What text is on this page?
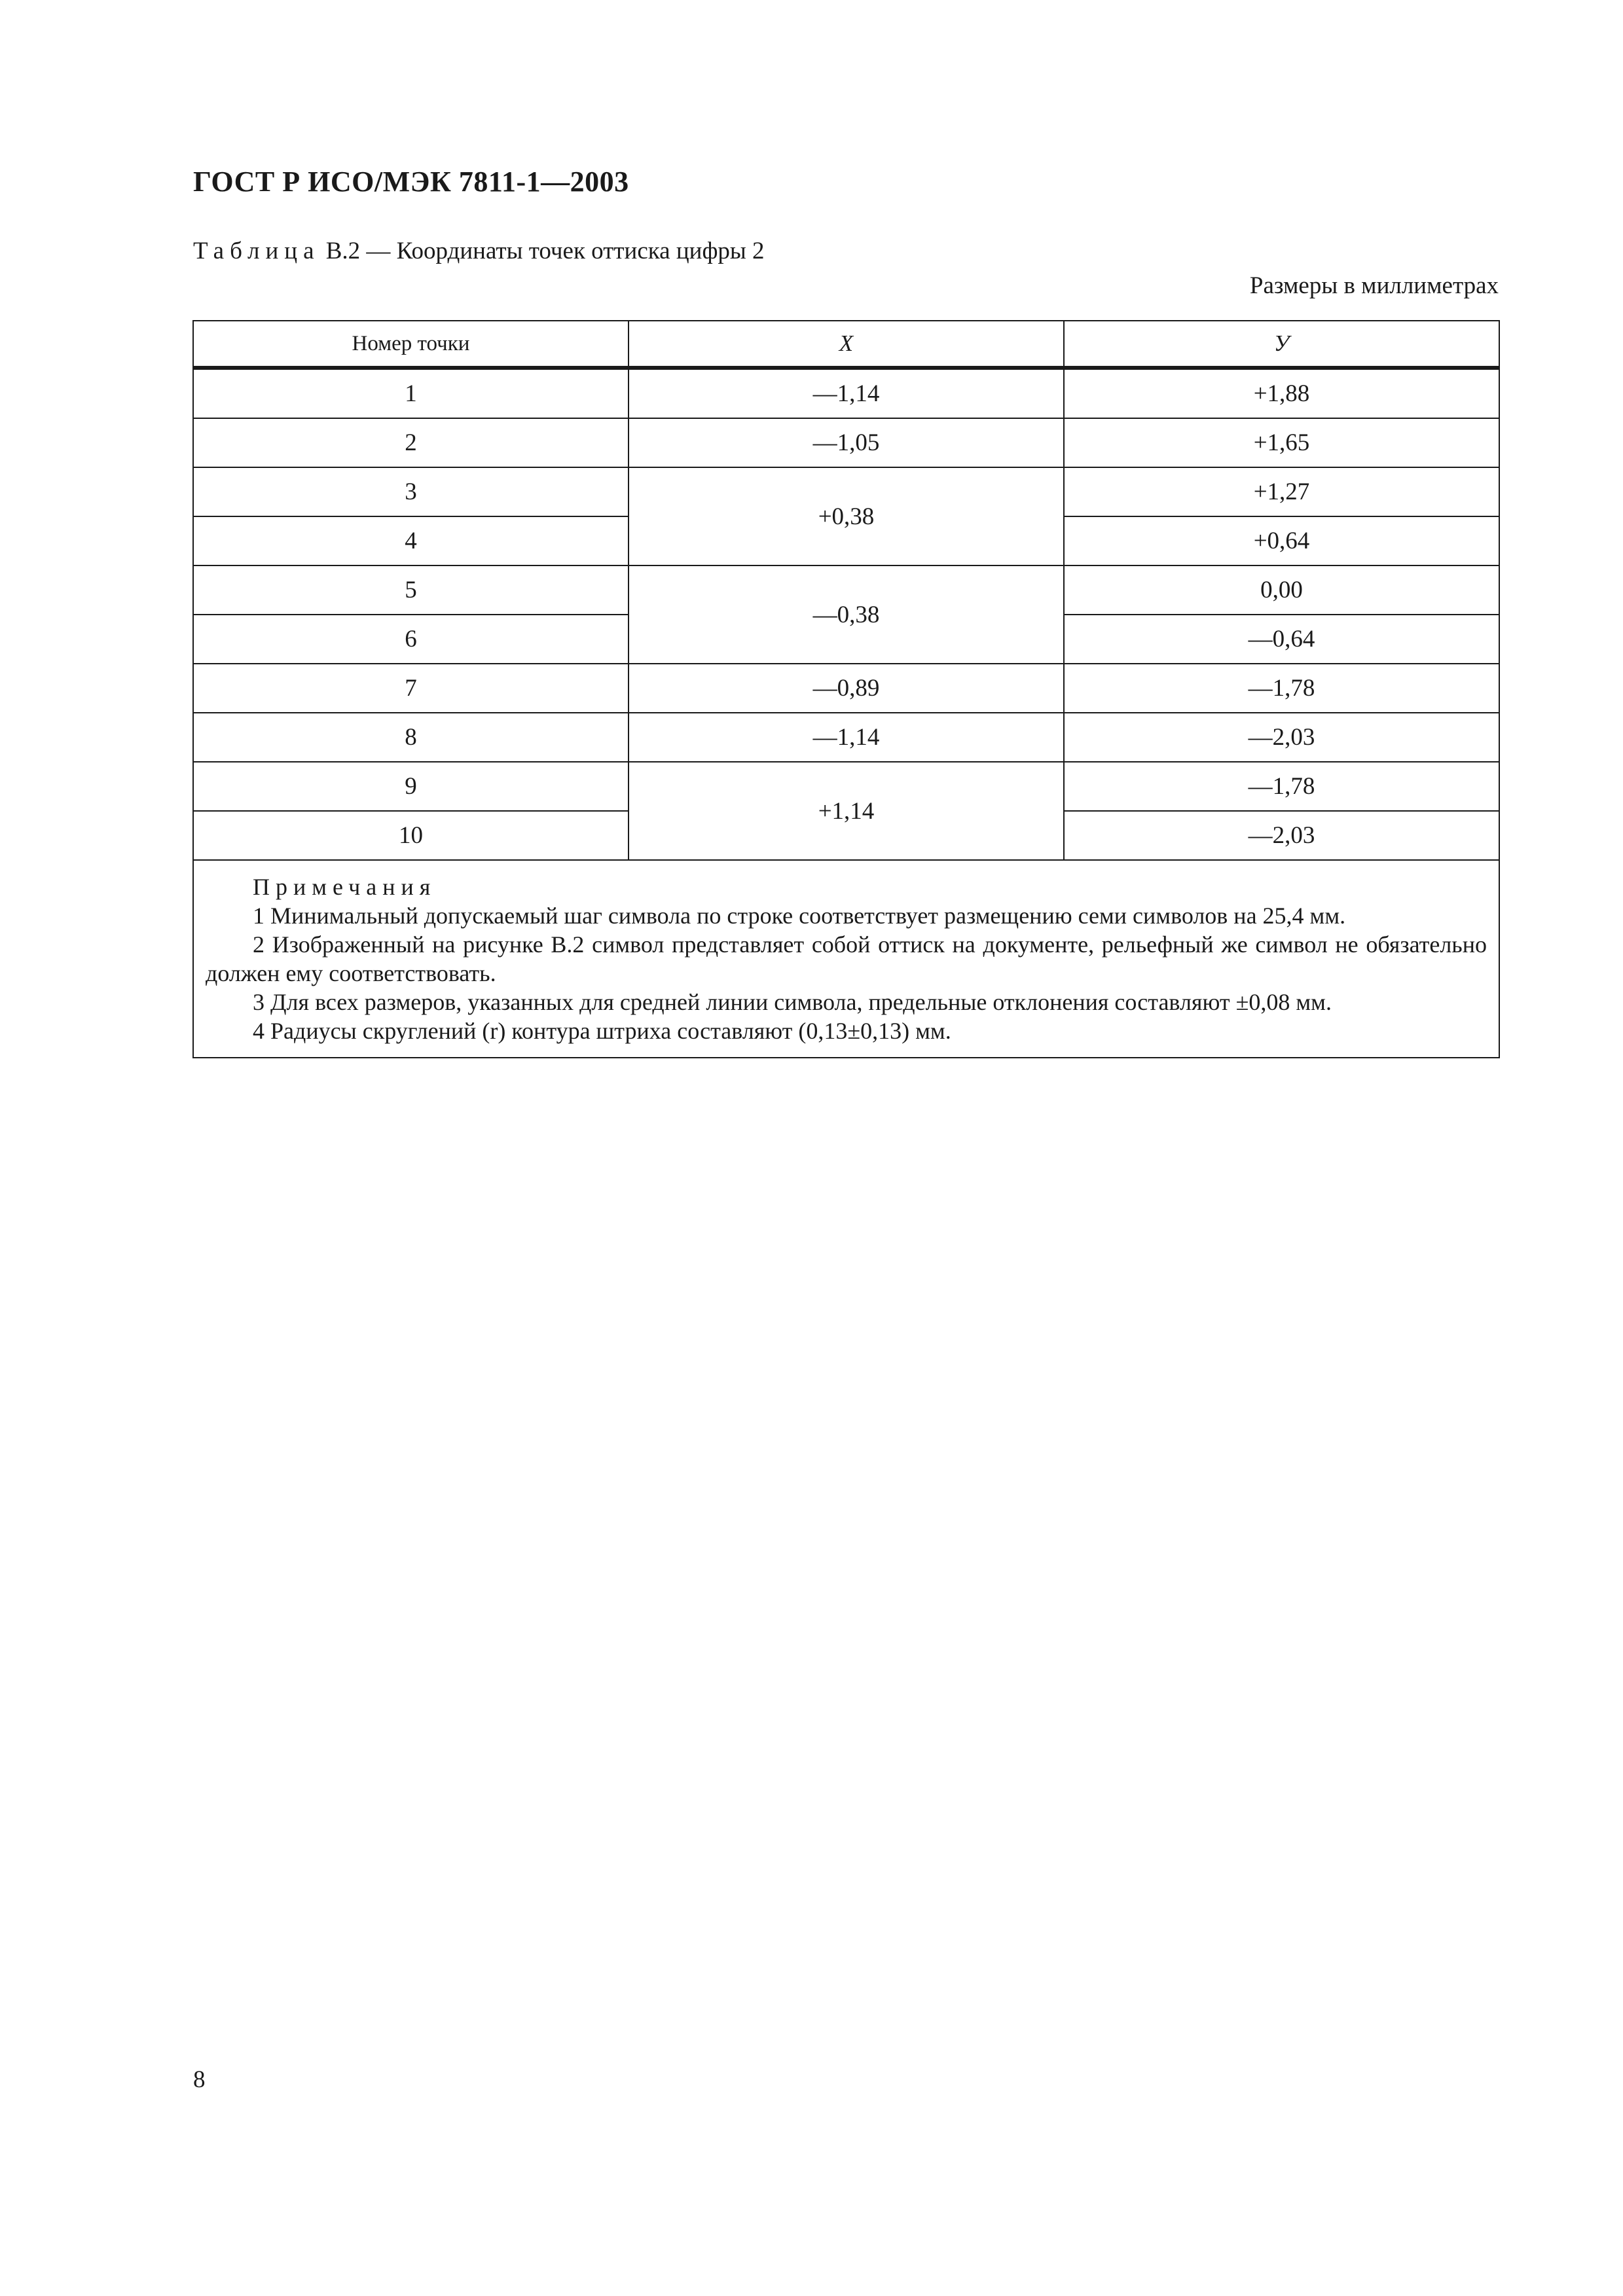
ГОСТ Р ИСО/МЭК 7811-1—2003

Таблица В.2 — Координаты точек оттиска цифры 2

Размеры в миллиметрах

Номер точки	X	У
1	—1,14	+1,88
2	—1,05	+1,65
3	+0,38	+1,27
4		+0,64
5	—0,38	0,00
6		—0,64
7	—0,89	—1,78
8	—1,14	—2,03
9	+1,14	—1,78
10		—2,03

Примечания

1 Минимальный допускаемый шаг символа по строке соответствует размещению семи символов на 25,4 мм.

2 Изображенный на рисунке В.2 символ представляет собой оттиск на документе, рельефный же символ не обязательно должен ему соответствовать.

3 Для всех размеров, указанных для средней линии символа, предельные отклонения составляют ±0,08 мм.

4 Радиусы скруглений (r) контура штриха составляют (0,13±0,13) мм.		

8
